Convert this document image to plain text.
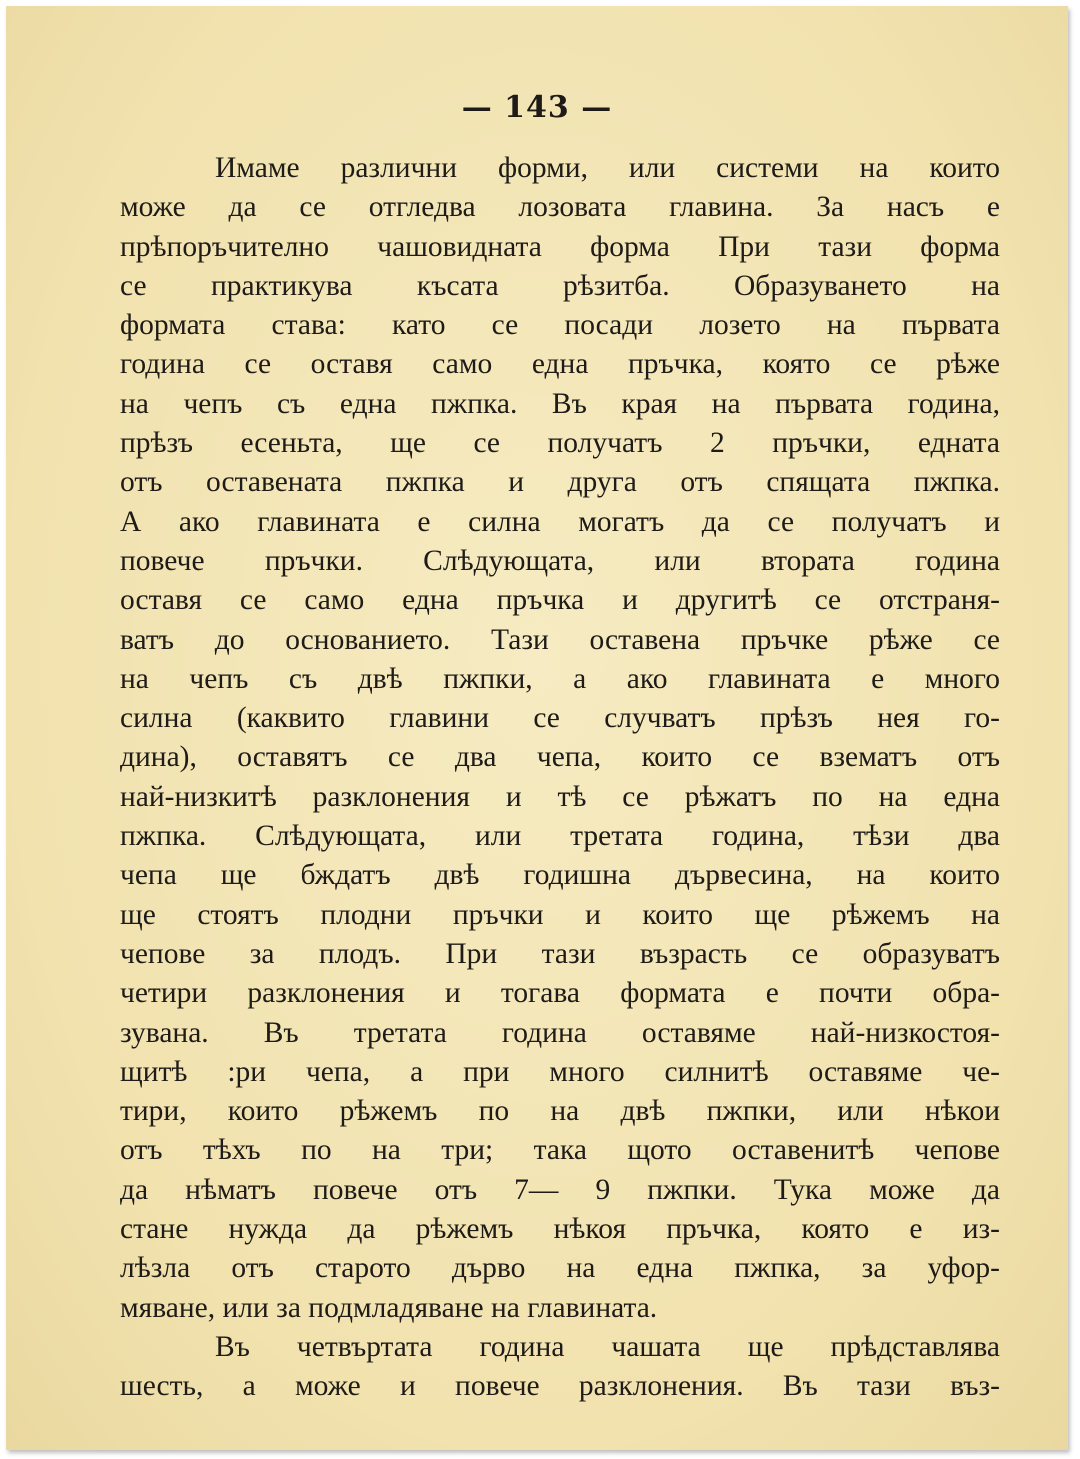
— 143 —
Имаме различни форми, или системи на които
може да се отгледва лозовата главина. За насъ е
прѣпоръчително чашовидната форма При тази форма
се практикува късата рѣзитба. Образуването на
формата става: като се посади лозето на първата
година се оставя само една пръчка, която се рѣже
на чепъ съ една пжпка. Въ края на първата година,
прѣзъ есеньта, ще се получатъ 2 пръчки, едната
отъ оставената пжпка и друга отъ спящата пжпка.
А ако главината е силна могатъ да се получатъ и
повече пръчки. Слѣдующата, или втората година
оставя се само една пръчка и другитѣ се отстраня-
ватъ до основанието. Тази оставена пръчке рѣже се
на чепъ съ двѣ пжпки, а ако главината е много
силна (каквито главини се случватъ прѣзъ нея го-
дина), оставятъ се два чепа, които се взематъ отъ
най-низкитѣ разклонения и тѣ се рѣжатъ по на една
пжпка. Слѣдующата, или третата година, тѣзи два
чепа ще бждатъ двѣ годишна дървесина, на които
ще стоятъ плодни пръчки и които ще рѣжемъ на
чепове за плодъ. При тази възрасть се образуватъ
четири разклонения и тогава формата е почти обра-
зувана. Въ третата година оставяме най-низкостоя-
щитѣ :ри чепа, а при много силнитѣ оставяме че-
тири, които рѣжемъ по на двѣ пжпки, или нѣкои
отъ тѣхъ по на три; така щото оставенитѣ чепове
да нѣматъ повече отъ 7— 9 пжпки. Тука може да
стане нужда да рѣжемъ нѣкоя пръчка, която е из-
лѣзла отъ старото дърво на една пжпка, за уфор-
мяване, или за подмладяване на главината.
Въ четвъртата година чашата ще прѣдставлява
шесть, а може и повече разклонения. Въ тази въз-
